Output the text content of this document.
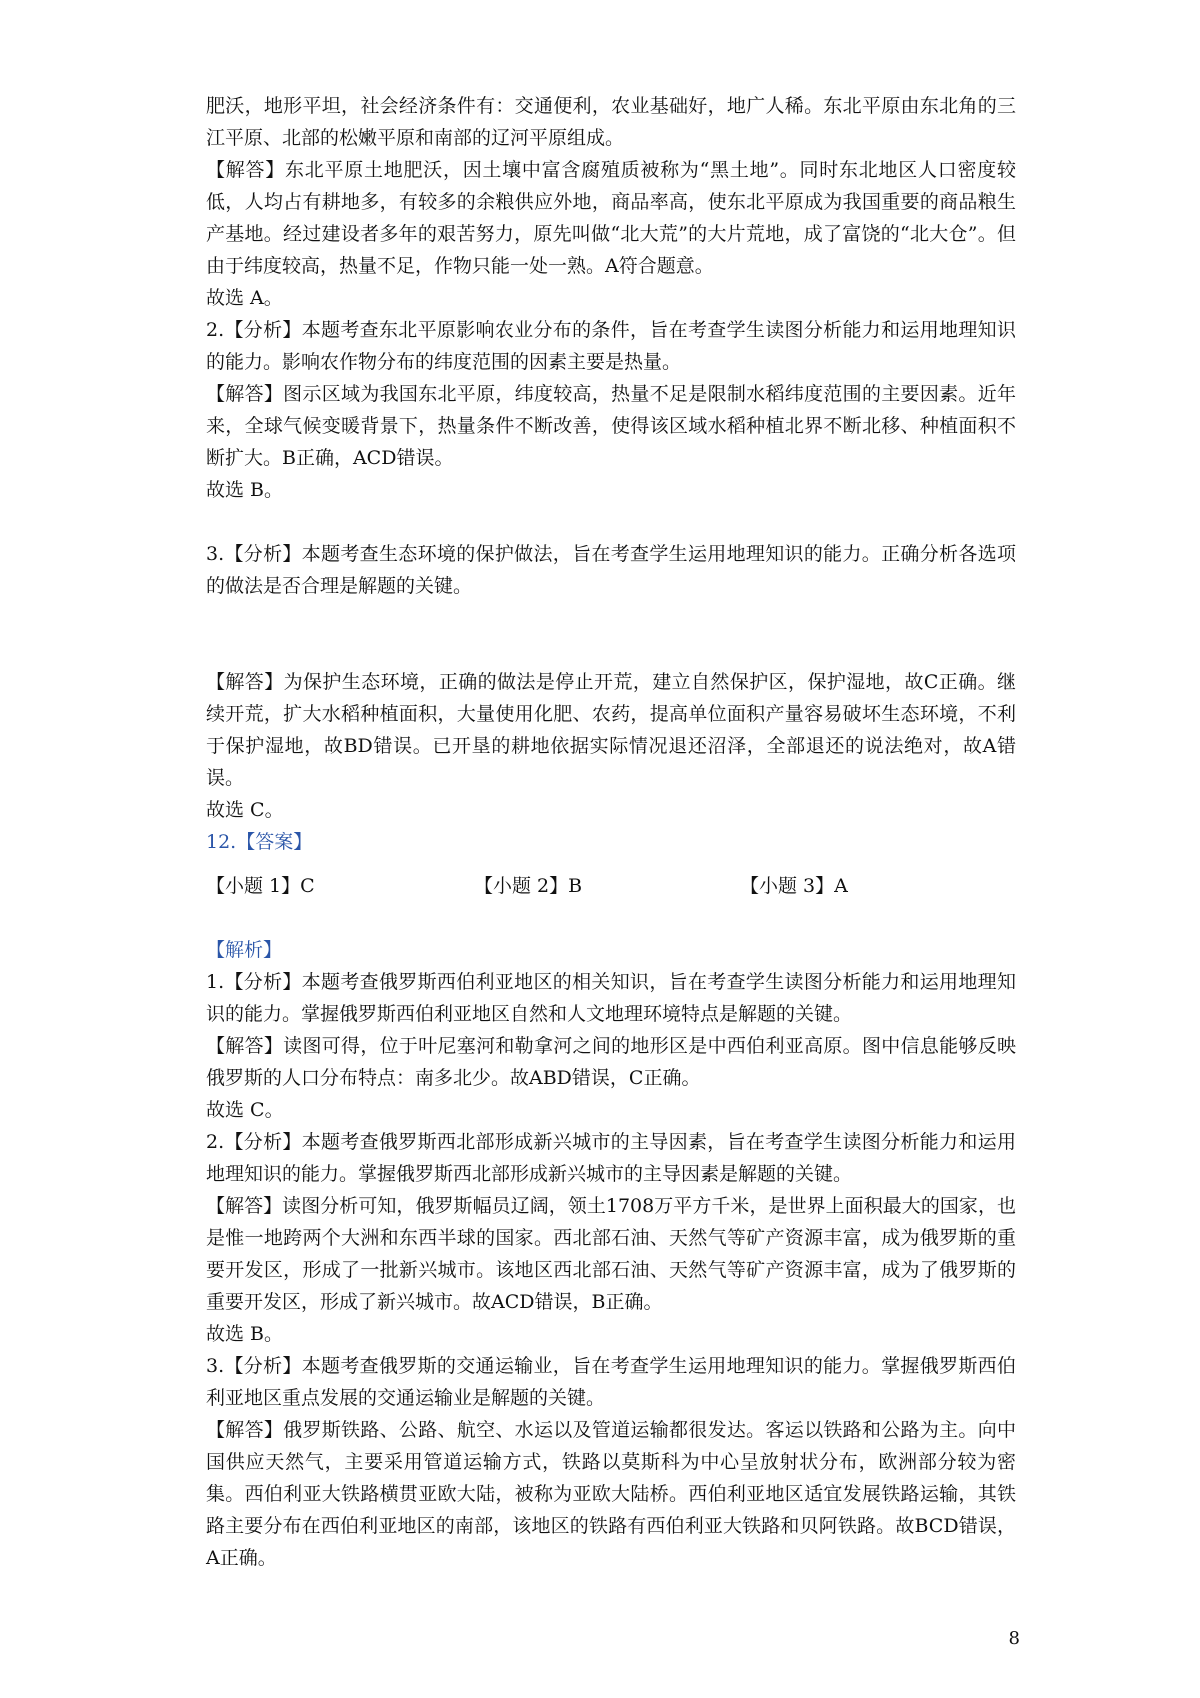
肥沃，地形平坦，社会经济条件有：交通便利，农业基础好，地广人稀。东北平原由东北角的三江平原、北部的松嫩平原和南部的辽河平原组成。

【解答】东北平原土地肥沃，因土壤中富含腐殖质被称为“黑土地”。同时东北地区人口密度较低，人均占有耕地多，有较多的余粮供应外地，商品率高，使东北平原成为我国重要的商品粮生产基地。经过建设者多年的艰苦努力，原先叫做“北大荒”的大片荒地，成了富饶的“北大仓”。但由于纬度较高，热量不足，作物只能一处一熟。A符合题意。

故选 A。

2.【分析】本题考查东北平原影响农业分布的条件，旨在考查学生读图分析能力和运用地理知识的能力。影响农作物分布的纬度范围的因素主要是热量。

【解答】图示区域为我国东北平原，纬度较高，热量不足是限制水稻纬度范围的主要因素。近年来，全球气候变暖背景下，热量条件不断改善，使得该区域水稻种植北界不断北移、种植面积不断扩大。B正确，ACD错误。

故选 B。

3.【分析】本题考查生态环境的保护做法，旨在考查学生运用地理知识的能力。正确分析各选项的做法是否合理是解题的关键。

【解答】为保护生态环境，正确的做法是停止开荒，建立自然保护区，保护湿地，故C正确。继续开荒，扩大水稻种植面积，大量使用化肥、农药，提高单位面积产量容易破坏生态环境，不利于保护湿地，故BD错误。已开垦的耕地依据实际情况退还沼泽，全部退还的说法绝对，故A错误。

故选 C。

12.【答案】

【小题 1】C	【小题 2】B	【小题 3】A

【解析】

1.【分析】本题考查俄罗斯西伯利亚地区的相关知识，旨在考查学生读图分析能力和运用地理知识的能力。掌握俄罗斯西伯利亚地区自然和人文地理环境特点是解题的关键。

【解答】读图可得，位于叶尼塞河和勒拿河之间的地形区是中西伯利亚高原。图中信息能够反映俄罗斯的人口分布特点：南多北少。故ABD错误，C正确。

故选 C。

2.【分析】本题考查俄罗斯西北部形成新兴城市的主导因素，旨在考查学生读图分析能力和运用地理知识的能力。掌握俄罗斯西北部形成新兴城市的主导因素是解题的关键。

【解答】读图分析可知，俄罗斯幅员辽阔，领土1708万平方千米，是世界上面积最大的国家，也是惟一地跨两个大洲和东西半球的国家。西北部石油、天然气等矿产资源丰富，成为俄罗斯的重要开发区，形成了一批新兴城市。该地区西北部石油、天然气等矿产资源丰富，成为了俄罗斯的重要开发区，形成了新兴城市。故ACD错误，B正确。

故选 B。

3.【分析】本题考查俄罗斯的交通运输业，旨在考查学生运用地理知识的能力。掌握俄罗斯西伯利亚地区重点发展的交通运输业是解题的关键。

【解答】俄罗斯铁路、公路、航空、水运以及管道运输都很发达。客运以铁路和公路为主。向中国供应天然气，主要采用管道运输方式，铁路以莫斯科为中心呈放射状分布，欧洲部分较为密集。西伯利亚大铁路横贯亚欧大陆，被称为亚欧大陆桥。西伯利亚地区适宜发展铁路运输，其铁路主要分布在西伯利亚地区的南部，该地区的铁路有西伯利亚大铁路和贝阿铁路。故BCD错误，A正确。

8
